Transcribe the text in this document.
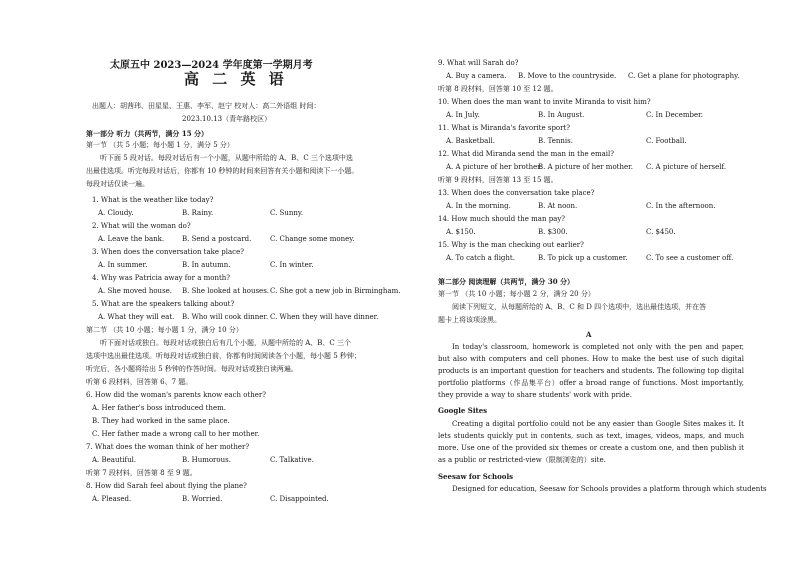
太原五中 2023—2024 学年度第一学期月考
高 二 英 语
出题人：胡茜玮、田星星、王惠、李军、赵宁 校对人：高二外语组 时间：
2023.10.13（青年路校区）
第一部分 听力（共两节，满分 15 分）
第一节 （共 5 小题；每小题 1 分，满分 5 分）
听下面 5 段对话。每段对话后有一个小题，从题中所给的 A、B、C 三个选项中选
出最佳选项。听完每段对话后，你都有 10 秒钟的时间来回答有关小题和阅读下一小题。
每段对话仅读一遍。
1. What is the weather like today?
A. Cloudy.	B. Rainy.	C. Sunny.
2. What will the woman do?
A. Leave the bank.	B. Send a postcard.	C. Change some money.
3. When does the conversation take place?
A. In summer.	B. In autumn.	C. In winter.
4. Why was Patricia away for a month?
A. She moved house. B. She looked at houses. C. She got a new job in Birmingham.
5. What are the speakers talking about?
A. What they will eat. B. Who will cook dinner. C. When they will have dinner.
第二节 （共 10 小题；每小题 1 分，满分 10 分）
听下面对话或独白。每段对话或独白后有几个小题，从题中所给的 A、B、C 三个
选项中选出最佳选项。听每段对话或独白前，你都有时间阅读各个小题，每小题 5 秒钟；
听完后，各小题将给出 5 秒钟的作答时间。每段对话或独白读两遍。
听第 6 段材料，回答第 6、7 题。
6. How did the woman's parents know each other?
A. Her father's boss introduced them.
B. They had worked in the same place.
C. Her father made a wrong call to her mother.
7. What does the woman think of her mother?
A. Beautiful.	B. Humorous.	C. Talkative.
听第 7 段材料，回答第 8 至 9 题。
8. How did Sarah feel about flying the plane?
A. Pleased.	B. Worried.	C. Disappointed.
9. What will Sarah do?
A. Buy a camera. B. Move to the countryside. C. Get a plane for photography.
听第 8 段材料，回答第 10 至 12 题。
10. When does the man want to invite Miranda to visit him?
A. In July.	B. In August.	C. In December.
11. What is Miranda's favorite sport?
A. Basketball.	B. Tennis.	C. Football.
12. What did Miranda send the man in the email?
A. A picture of her brother.
B. A picture of her mother. C. A picture of herself.
听第 9 段材料，回答第 13 至 15 题。
13. When does the conversation take place?
A. In the morning.	B. At noon.	C. In the afternoon.
14. How much should the man pay?
A. $150.	B. $300.	C. $450.
15. Why is the man checking out earlier?
A. To catch a flight.	B. To pick up a customer.	C. To see a customer off.
第二部分 阅读理解（共两节，满分 30 分）
第一节 （共 10 小题；每小题 2 分，满分 20 分）
阅读下列短文，从每题所给的 A、B、C 和 D 四个选项中，选出最佳选项，并在答
题卡上将该项涂黑。
A
In today's classroom, homework is completed not only with the pen and paper, but also with computers and cell phones. How to make the best use of such digital products is an important question for teachers and students. The following top digital portfolio platforms（作品集平台）offer a broad range of functions. Most importantly, they provide a way to share students' work with pride.
Google Sites
Creating a digital portfolio could not be any easier than Google Sites makes it. It lets students quickly put in contents, such as text, images, videos, maps, and much more. Use one of the provided six themes or create a custom one, and then publish it as a public or restricted-view（限制浏览的）site.
Seesaw for Schools
Designed for education, Seesaw for Schools provides a platform through which students
